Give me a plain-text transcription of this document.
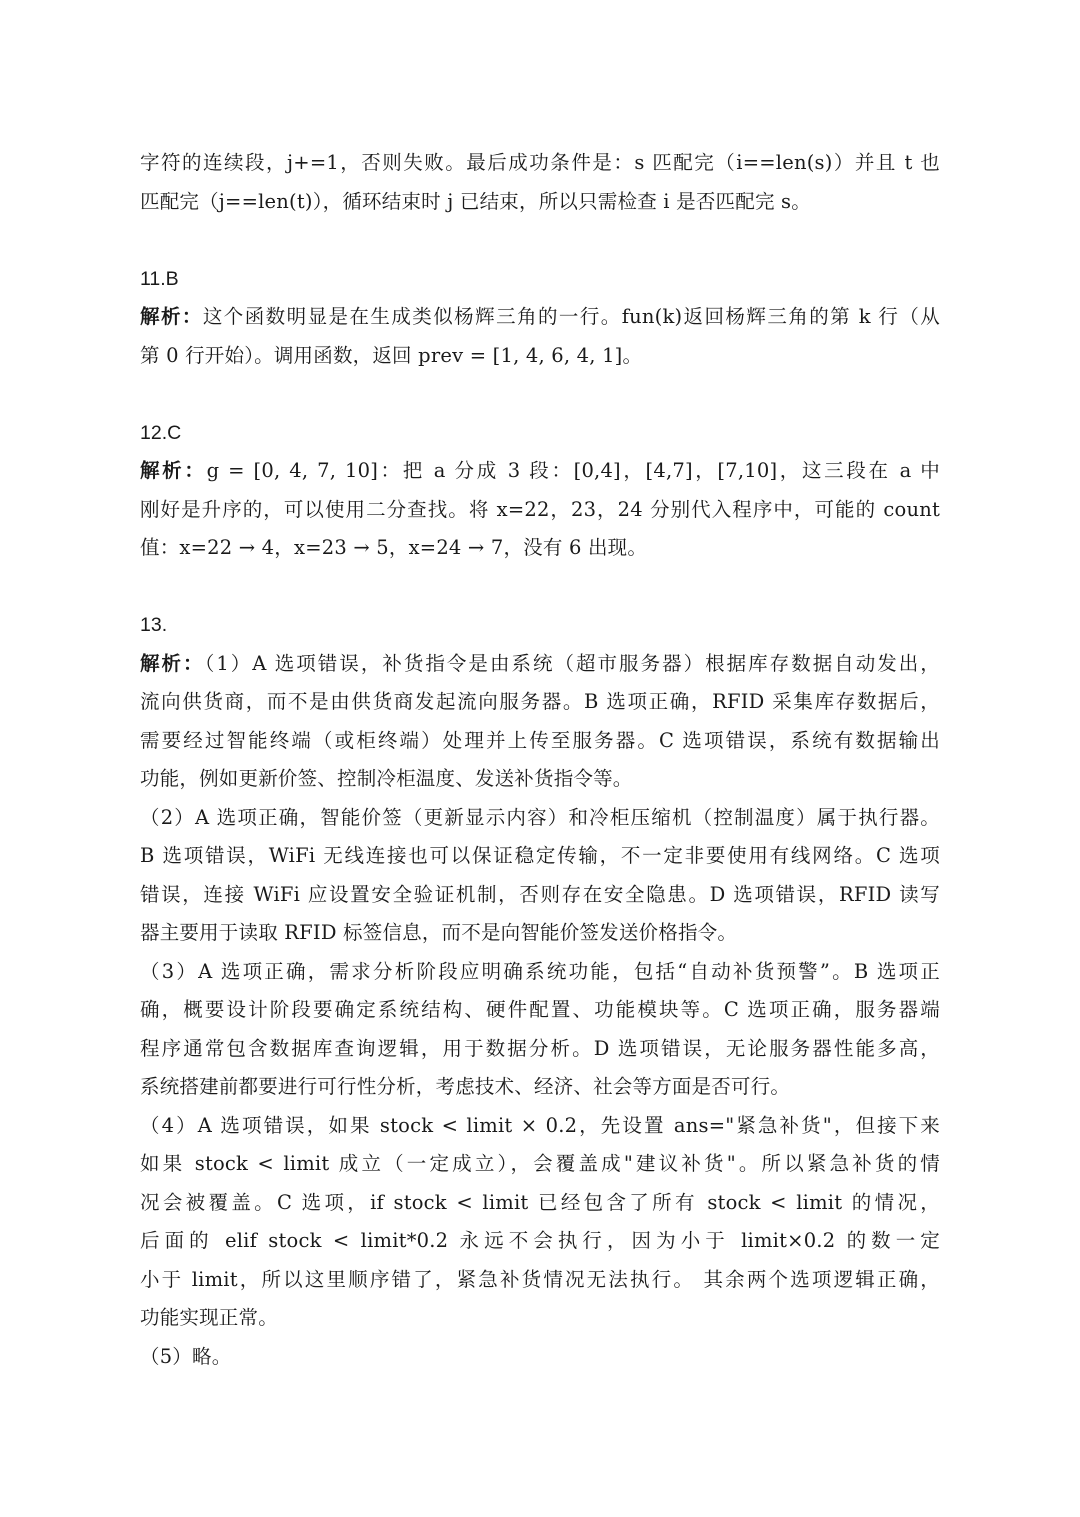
字符的连续段，j+=1，否则失败。最后成功条件是：s 匹配完（i==len(s)）并且 t 也
匹配完（j==len(t)），循环结束时 j 已结束，所以只需检查 i 是否匹配完 s。
11.B
解析：这个函数明显是在生成类似杨辉三角的一行。fun(k)返回杨辉三角的第 k 行（从
第 0 行开始）。调用函数，返回 prev = [1, 4, 6, 4, 1]。
12.C
解析：g = [0, 4, 7, 10]：把 a 分成 3 段：[0,4]，[4,7]，[7,10]，这三段在 a 中
刚好是升序的，可以使用二分查找。将 x=22，23，24 分别代入程序中，可能的 count
值：x=22 → 4，x=23 → 5，x=24 → 7，没有 6 出现。
13.
解析：（1）A 选项错误，补货指令是由系统（超市服务器）根据库存数据自动发出，
流向供货商，而不是由供货商发起流向服务器。B 选项正确，RFID 采集库存数据后，
需要经过智能终端（或柜终端）处理并上传至服务器。C 选项错误，系统有数据输出
功能，例如更新价签、控制冷柜温度、发送补货指令等。
（2）A 选项正确，智能价签（更新显示内容）和冷柜压缩机（控制温度）属于执行器。
B 选项错误，WiFi 无线连接也可以保证稳定传输，不一定非要使用有线网络。C 选项
错误，连接 WiFi 应设置安全验证机制，否则存在安全隐患。D 选项错误，RFID 读写
器主要用于读取 RFID 标签信息，而不是向智能价签发送价格指令。
（3）A 选项正确，需求分析阶段应明确系统功能，包括“自动补货预警”。B 选项正
确，概要设计阶段要确定系统结构、硬件配置、功能模块等。C 选项正确，服务器端
程序通常包含数据库查询逻辑，用于数据分析。D 选项错误，无论服务器性能多高，
系统搭建前都要进行可行性分析，考虑技术、经济、社会等方面是否可行。
（4）A 选项错误，如果 stock < limit × 0.2，先设置 ans="紧急补货"，但接下来
如果 stock < limit 成立（一定成立），会覆盖成"建议补货"。所以紧急补货的情
况会被覆盖。C 选项，if stock < limit 已经包含了所有 stock < limit 的情况，
后面的 elif stock < limit*0.2 永远不会执行，因为小于 limit×0.2 的数一定
小于 limit，所以这里顺序错了，紧急补货情况无法执行。 其余两个选项逻辑正确，
功能实现正常。
（5）略。
